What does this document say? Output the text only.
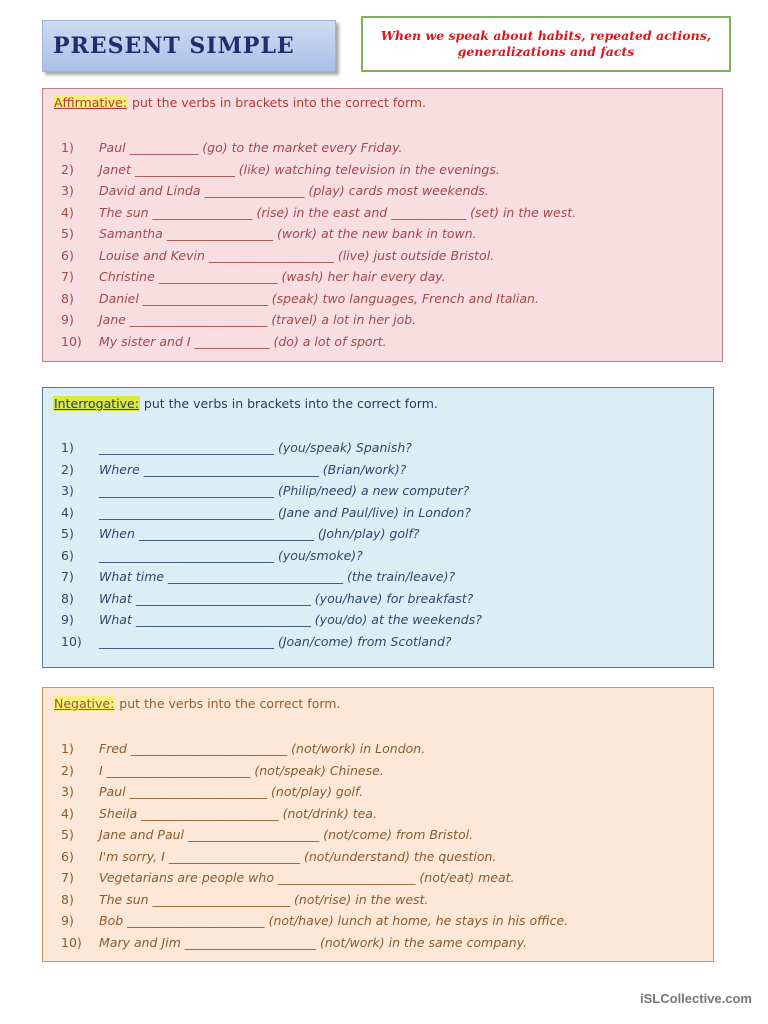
PRESENT SIMPLE	When we speak about habits, repeated actions, generalizations and facts
Affirmative: put the verbs in brackets into the correct form.
1) Paul ___________ (go) to the market every Friday.
2) Janet ________________ (like) watching television in the evenings.
3) David and Linda ________________ (play) cards most weekends.
4) The sun ________________ (rise) in the east and ____________ (set) in the west.
5) Samantha _________________ (work) at the new bank in town.
6) Louise and Kevin ____________________ (live) just outside Bristol.
7) Christine ___________________ (wash) her hair every day.
8) Daniel ____________________ (speak) two languages, French and Italian.
9) Jane ______________________ (travel) a lot in her job.
10) My sister and I ____________ (do) a lot of sport.
Interrogative: put the verbs in brackets into the correct form.
1) ____________________________ (you/speak) Spanish?
2) Where ____________________________ (Brian/work)?
3) ____________________________ (Philip/need) a new computer?
4) ____________________________ (Jane and Paul/live) in London?
5) When ____________________________ (John/play) golf?
6) ____________________________ (you/smoke)?
7) What time ____________________________ (the train/leave)?
8) What ____________________________ (you/have) for breakfast?
9) What ____________________________ (you/do) at the weekends?
10) ____________________________ (Joan/come) from Scotland?
Negative: put the verbs into the correct form.
1) Fred _________________________ (not/work) in London.
2) I _______________________ (not/speak) Chinese.
3) Paul ______________________ (not/play) golf.
4) Sheila ______________________ (not/drink) tea.
5) Jane and Paul _____________________ (not/come) from Bristol.
6) I'm sorry, I _____________________ (not/understand) the question.
7) Vegetarians are people who ______________________ (not/eat) meat.
8) The sun ______________________ (not/rise) in the west.
9) Bob ______________________ (not/have) lunch at home, he stays in his office.
10) Mary and Jim _____________________ (not/work) in the same company.
iSLCollective.com
